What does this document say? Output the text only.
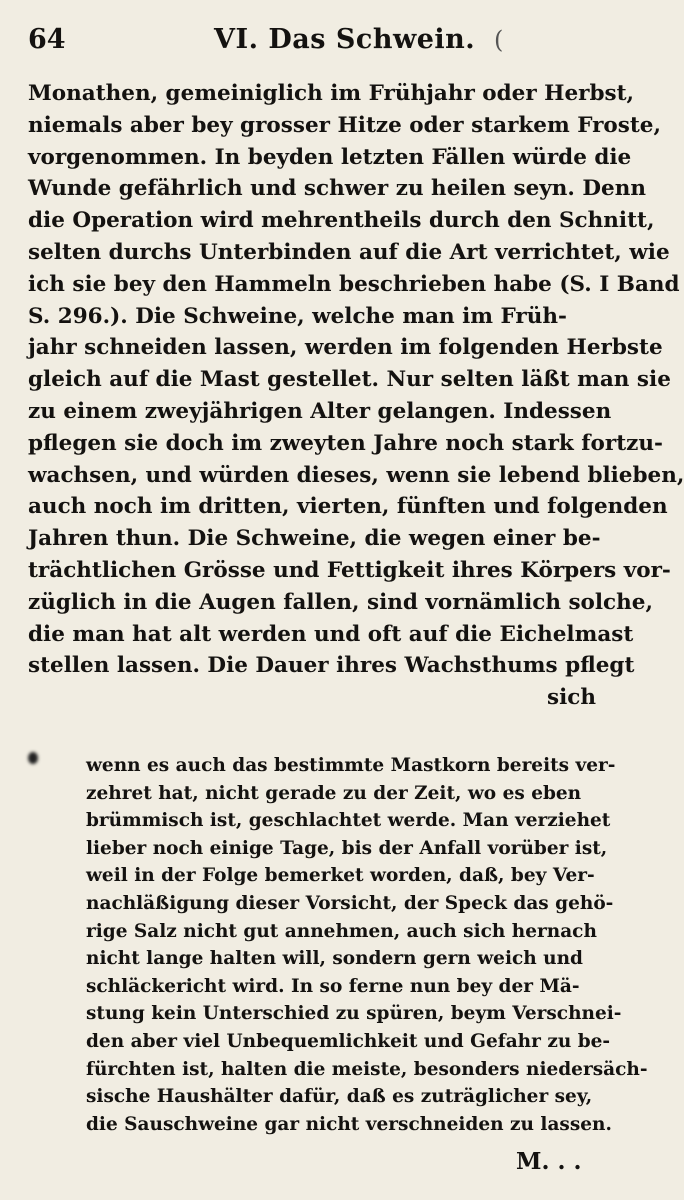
64	VI. Das Schwein. (
Monathen, gemeiniglich im Frühjahr oder Herbst,
niemals aber bey grosser Hitze oder starkem Froste,
vorgenommen. In beyden letzten Fällen würde die
Wunde gefährlich und schwer zu heilen seyn. Denn
die Operation wird mehrentheils durch den Schnitt,
selten durchs Unterbinden auf die Art verrichtet, wie
ich sie bey den Hammeln beschrieben habe (S. I Band
S. 296.). Die Schweine, welche man im Früh-
jahr schneiden lassen, werden im folgenden Herbste
gleich auf die Mast gestellet. Nur selten läßt man sie
zu einem zweyjährigen Alter gelangen. Indessen
pflegen sie doch im zweyten Jahre noch stark fortzu-
wachsen, und würden dieses, wenn sie lebend blieben,
auch noch im dritten, vierten, fünften und folgenden
Jahren thun. Die Schweine, die wegen einer be-
trächtlichen Grösse und Fettigkeit ihres Körpers vor-
züglich in die Augen fallen, sind vornämlich solche,
die man hat alt werden und oft auf die Eichelmast
stellen lassen. Die Dauer ihres Wachsthums pflegt
sich
wenn es auch das bestimmte Mastkorn bereits ver-
zehret hat, nicht gerade zu der Zeit, wo es eben
brümmisch ist, geschlachtet werde. Man verziehet
lieber noch einige Tage, bis der Anfall vorüber ist,
weil in der Folge bemerket worden, daß, bey Ver-
nachläßigung dieser Vorsicht, der Speck das gehö-
rige Salz nicht gut annehmen, auch sich hernach
nicht lange halten will, sondern gern weich und
schläckericht wird. In so ferne nun bey der Mä-
stung kein Unterschied zu spüren, beym Verschnei-
den aber viel Unbequemlichkeit und Gefahr zu be-
fürchten ist, halten die meiste, besonders niedersäch-
sische Haushälter dafür, daß es zuträglicher sey,
die Sauschweine gar nicht verschneiden zu lassen.
M. . .
